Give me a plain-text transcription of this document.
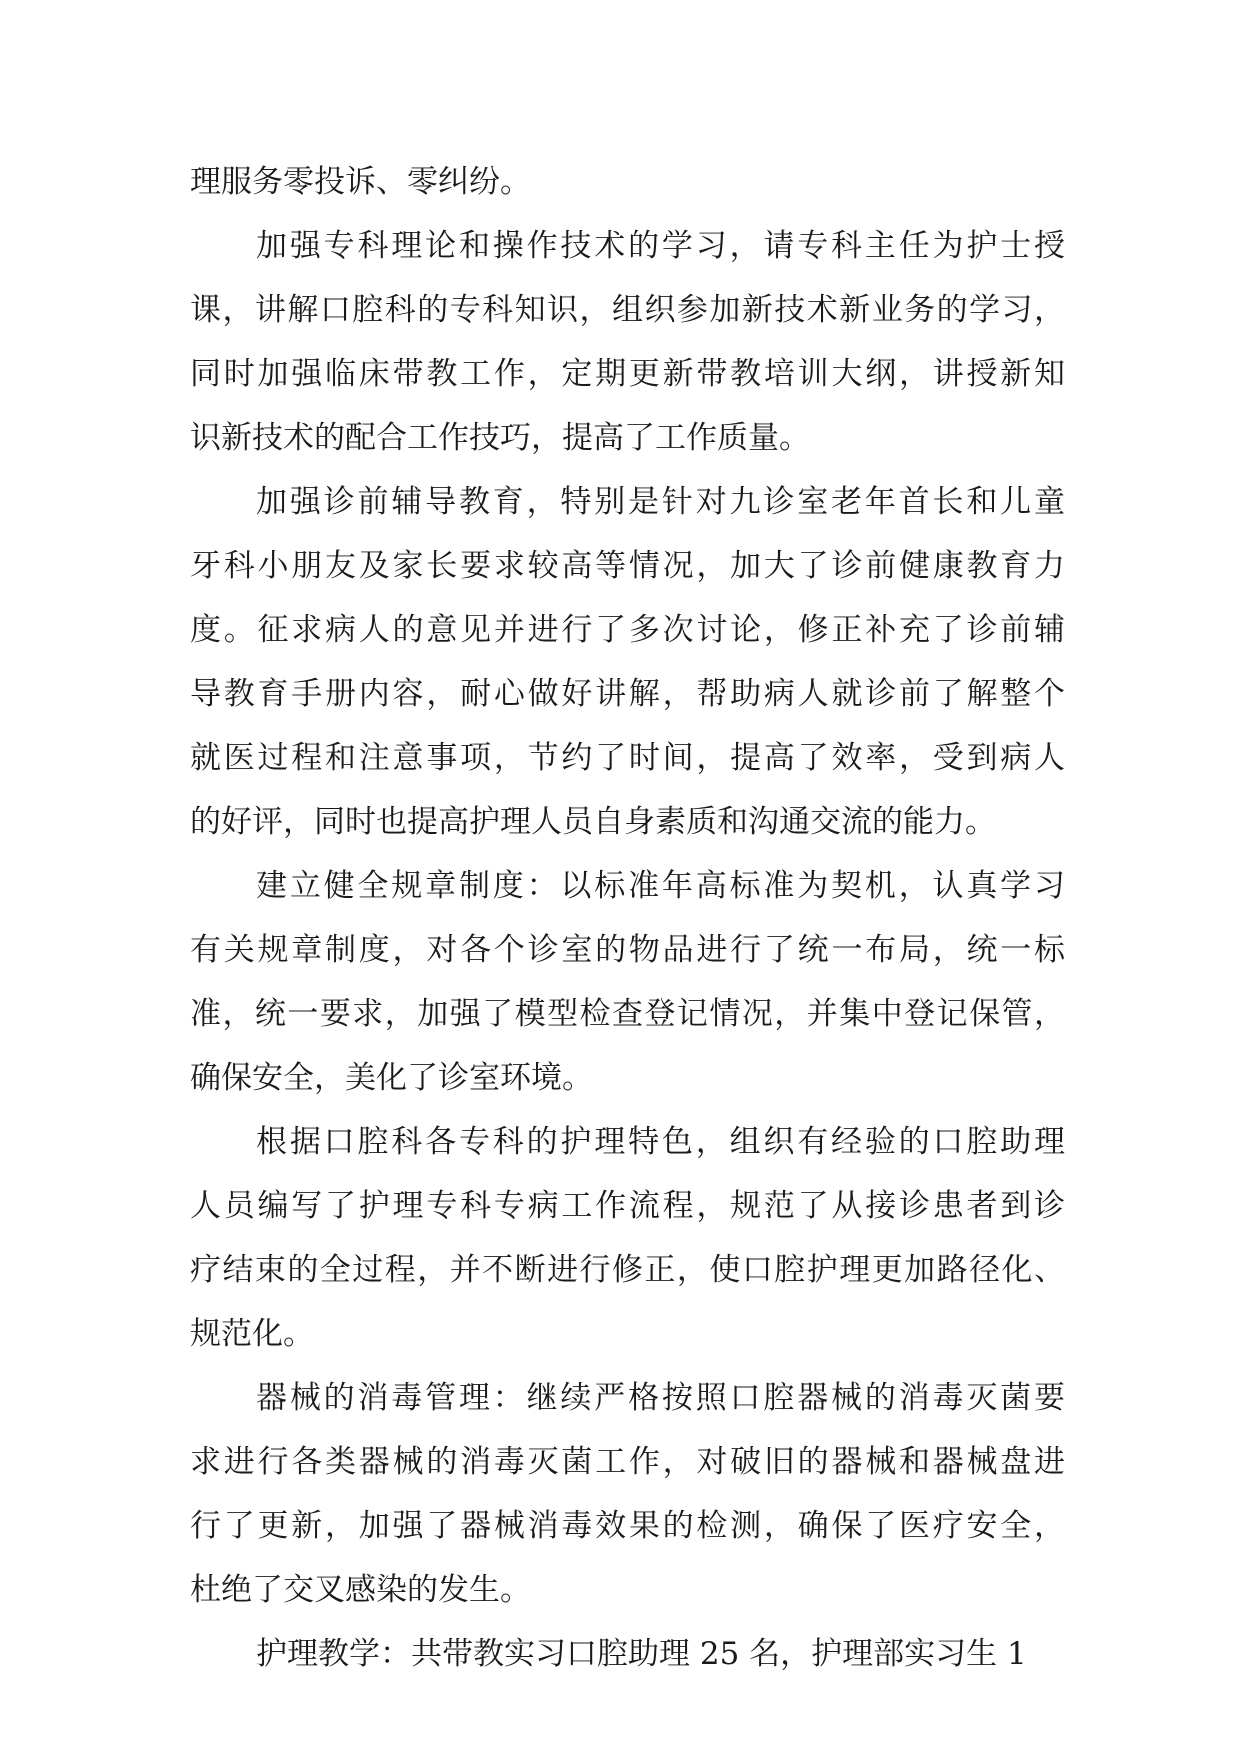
理服务零投诉、零纠纷。
加强专科理论和操作技术的学习，请专科主任为护士授
课，讲解口腔科的专科知识，组织参加新技术新业务的学习，
同时加强临床带教工作，定期更新带教培训大纲，讲授新知
识新技术的配合工作技巧，提高了工作质量。
加强诊前辅导教育，特别是针对九诊室老年首长和儿童
牙科小朋友及家长要求较高等情况，加大了诊前健康教育力
度。征求病人的意见并进行了多次讨论，修正补充了诊前辅
导教育手册内容，耐心做好讲解，帮助病人就诊前了解整个
就医过程和注意事项，节约了时间，提高了效率，受到病人
的好评，同时也提高护理人员自身素质和沟通交流的能力。
建立健全规章制度：以标准年高标准为契机，认真学习
有关规章制度，对各个诊室的物品进行了统一布局，统一标
准，统一要求，加强了模型检查登记情况，并集中登记保管，
确保安全，美化了诊室环境。
根据口腔科各专科的护理特色，组织有经验的口腔助理
人员编写了护理专科专病工作流程，规范了从接诊患者到诊
疗结束的全过程，并不断进行修正，使口腔护理更加路径化、
规范化。
器械的消毒管理：继续严格按照口腔器械的消毒灭菌要
求进行各类器械的消毒灭菌工作，对破旧的器械和器械盘进
行了更新，加强了器械消毒效果的检测，确保了医疗安全，
杜绝了交叉感染的发生。
护理教学：共带教实习口腔助理 25 名，护理部实习生 1
